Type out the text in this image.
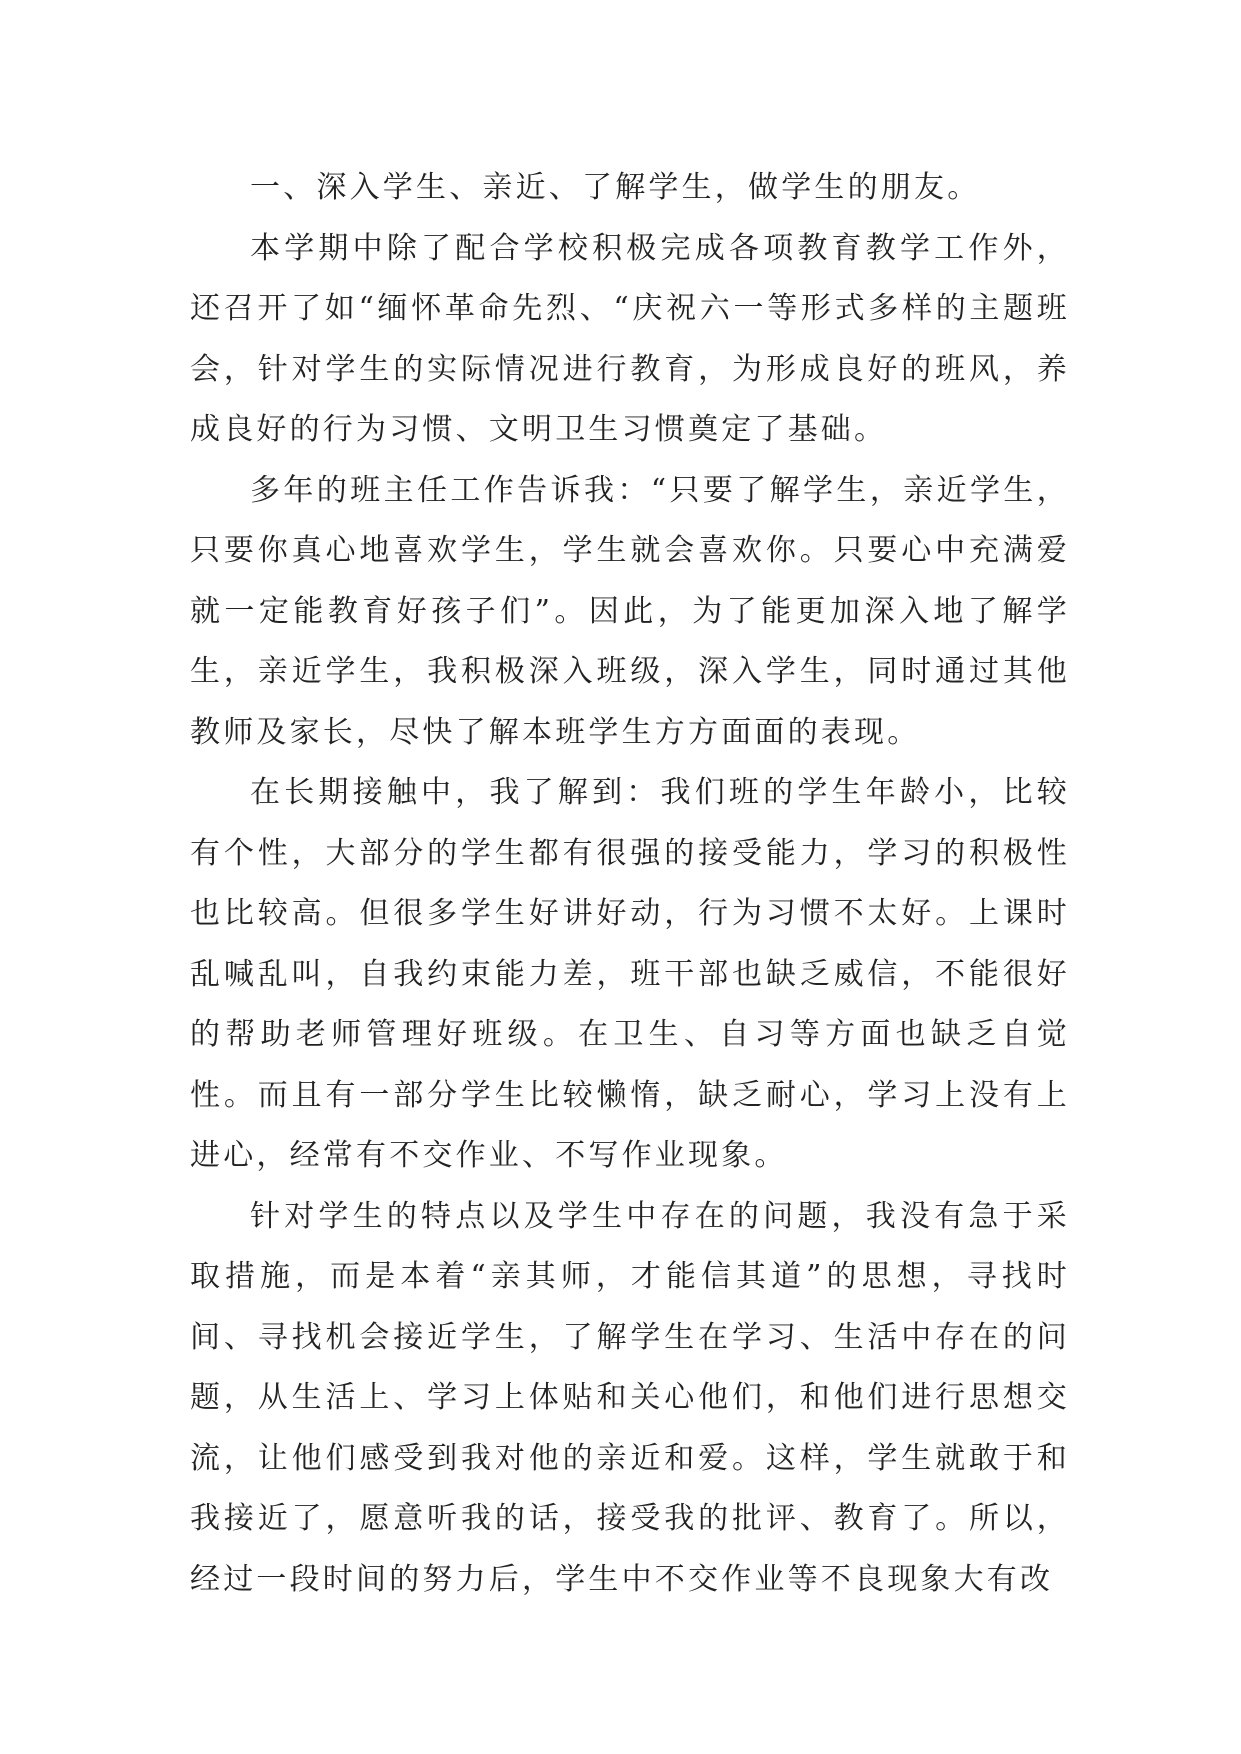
一、深入学生、亲近、了解学生，做学生的朋友。

本学期中除了配合学校积极完成各项教育教学工作外，还召开了如“缅怀革命先烈、“庆祝六一等形式多样的主题班会，针对学生的实际情况进行教育，为形成良好的班风，养成良好的行为习惯、文明卫生习惯奠定了基础。

多年的班主任工作告诉我：“只要了解学生，亲近学生，只要你真心地喜欢学生，学生就会喜欢你。只要心中充满爱就一定能教育好孩子们”。因此，为了能更加深入地了解学生，亲近学生，我积极深入班级，深入学生，同时通过其他教师及家长，尽快了解本班学生方方面面的表现。

在长期接触中，我了解到：我们班的学生年龄小，比较有个性，大部分的学生都有很强的接受能力，学习的积极性也比较高。但很多学生好讲好动，行为习惯不太好。上课时乱喊乱叫，自我约束能力差，班干部也缺乏威信，不能很好的帮助老师管理好班级。在卫生、自习等方面也缺乏自觉性。而且有一部分学生比较懒惰，缺乏耐心，学习上没有上进心，经常有不交作业、不写作业现象。

针对学生的特点以及学生中存在的问题，我没有急于采取措施，而是本着“亲其师，才能信其道”的思想，寻找时间、寻找机会接近学生，了解学生在学习、生活中存在的问题，从生活上、学习上体贴和关心他们，和他们进行思想交流，让他们感受到我对他的亲近和爱。这样，学生就敢于和我接近了，愿意听我的话，接受我的批评、教育了。所以，经过一段时间的努力后，学生中不交作业等不良现象大有改
